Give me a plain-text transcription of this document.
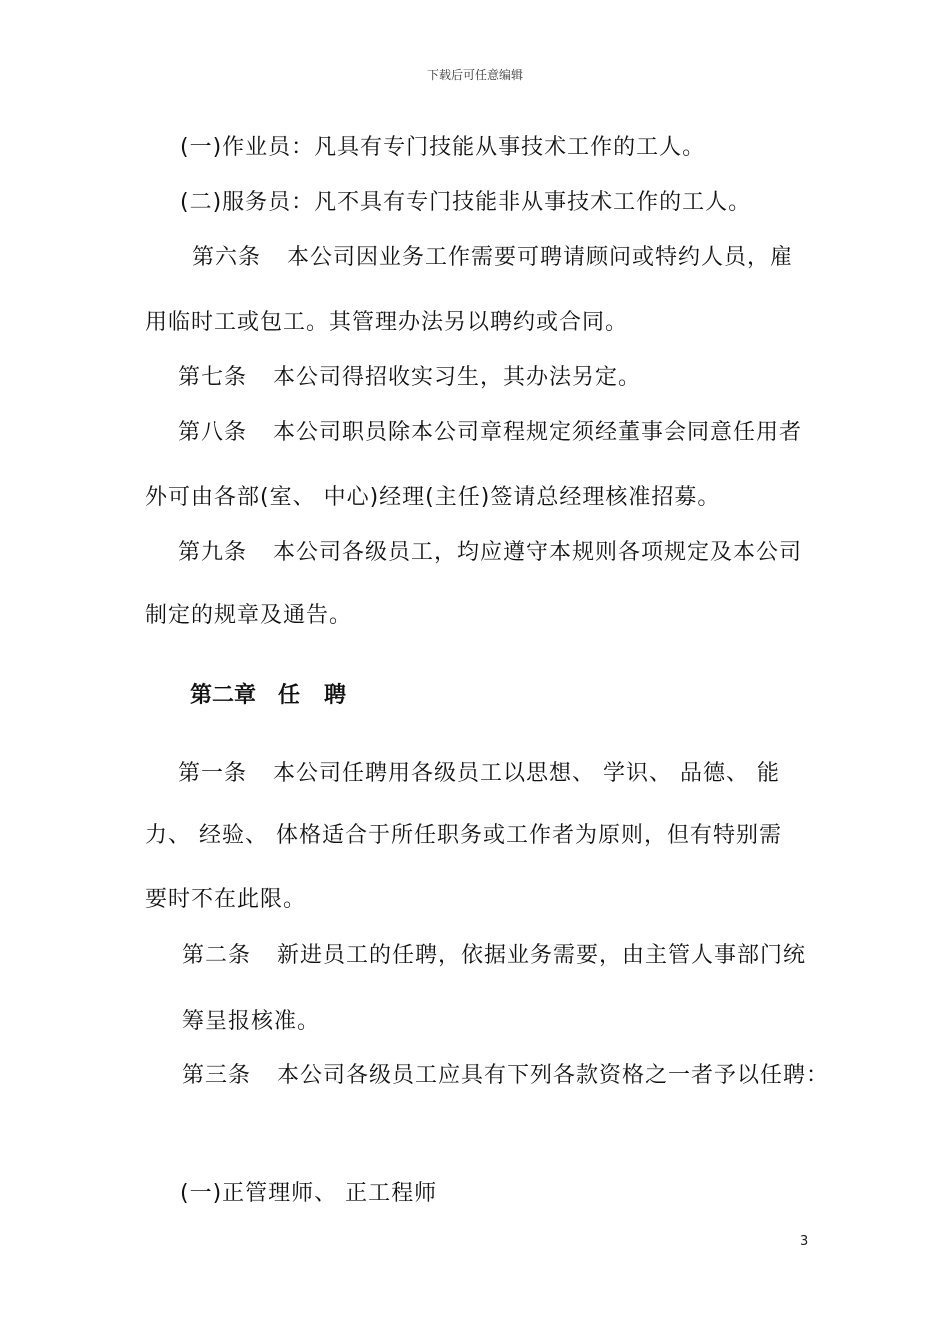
下载后可任意编辑
(一)作业员：凡具有专门技能从事技术工作的工人。
(二)服务员：凡不具有专门技能非从事技术工作的工人。
第六条 本公司因业务工作需要可聘请顾问或特约人员，雇
用临时工或包工。其管理办法另以聘约或合同。
第七条 本公司得招收实习生，其办法另定。
第八条 本公司职员除本公司章程规定须经董事会同意任用者
外可由各部(室、 中心)经理(主任)签请总经理核准招募。
第九条 本公司各级员工，均应遵守本规则各项规定及本公司
制定的规章及通告。
第二章 任 聘
第一条 本公司任聘用各级员工以思想、 学识、 品德、 能
力、 经验、 体格适合于所任职务或工作者为原则，但有特别需
要时不在此限。
第二条 新进员工的任聘，依据业务需要，由主管人事部门统
筹呈报核准。
第三条 本公司各级员工应具有下列各款资格之一者予以任聘：
(一)正管理师、 正工程师
3
